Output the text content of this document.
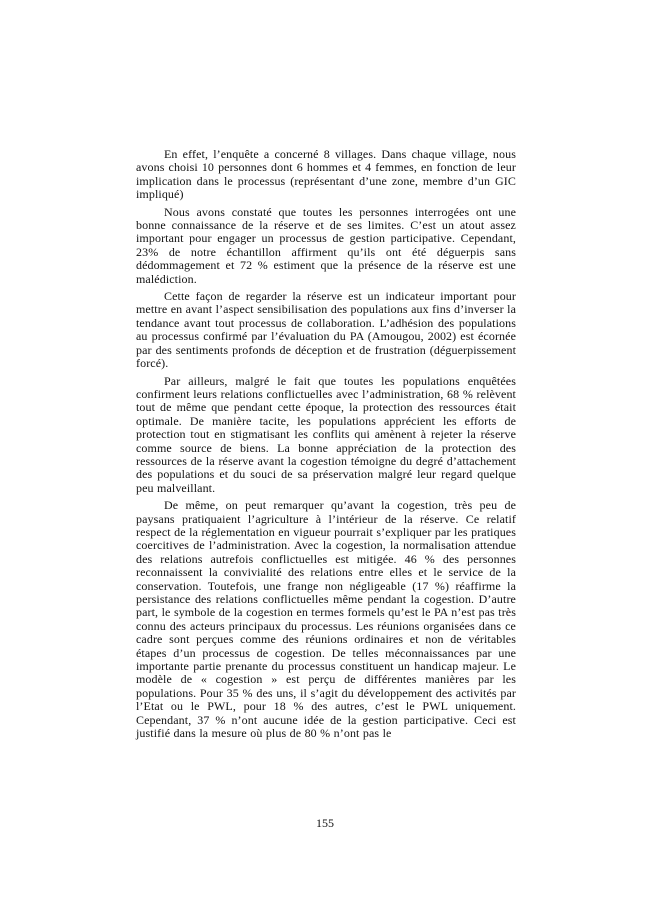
En effet, l’enquête a concerné 8 villages. Dans chaque village, nous avons choisi 10 personnes dont 6 hommes et 4 femmes, en fonction de leur implication dans le processus (représentant d’une zone, membre d’un GIC impliqué)

Nous avons constaté que toutes les personnes interrogées ont une bonne connaissance de la réserve et de ses limites. C’est un atout assez important pour engager un processus de gestion participative. Cependant, 23% de notre échantillon affirment qu’ils ont été déguerpis sans dédommagement et 72 % estiment que la présence de la réserve est une malédiction.

Cette façon de regarder la réserve est un indicateur important pour mettre en avant l’aspect sensibilisation des populations aux fins d’inverser la tendance avant tout processus de collaboration. L’adhésion des populations au processus confirmé par l’évaluation du PA (Amougou, 2002) est écornée par des sentiments profonds de déception et de frustration (déguerpissement forcé).

Par ailleurs, malgré le fait que toutes les populations enquêtées confirment leurs relations conflictuelles avec l’administration, 68 % relèvent tout de même que pendant cette époque, la protection des ressources était optimale. De manière tacite, les populations apprécient les efforts de protection tout en stigmatisant les conflits qui amènent à rejeter la réserve comme source de biens. La bonne appréciation de la protection des ressources de la réserve avant la cogestion témoigne du degré d’attachement des populations et du souci de sa préservation malgré leur regard quelque peu malveillant.

De même, on peut remarquer qu’avant la cogestion, très peu de paysans pratiquaient l’agriculture à l’intérieur de la réserve. Ce relatif respect de la réglementation en vigueur pourrait s’expliquer par les pratiques coercitives de l’administration. Avec la cogestion, la normalisation attendue des relations autrefois conflictuelles est mitigée. 46 % des personnes reconnaissent la convivialité des relations entre elles et le service de la conservation. Toutefois, une frange non négligeable (17 %) réaffirme la persistance des relations conflictuelles même pendant la cogestion. D’autre part, le symbole de la cogestion en termes formels qu’est le PA n’est pas très connu des acteurs principaux du processus. Les réunions organisées dans ce cadre sont perçues comme des réunions ordinaires et non de véritables étapes d’un processus de cogestion. De telles méconnaissances par une importante partie prenante du processus constituent un handicap majeur. Le modèle de « cogestion » est perçu de différentes manières par les populations. Pour 35 % des uns, il s’agit du développement des activités par l’Etat ou le PWL, pour 18 % des autres, c’est le PWL uniquement. Cependant, 37 % n’ont aucune idée de la gestion participative. Ceci est justifié dans la mesure où plus de 80 % n’ont pas le

155
